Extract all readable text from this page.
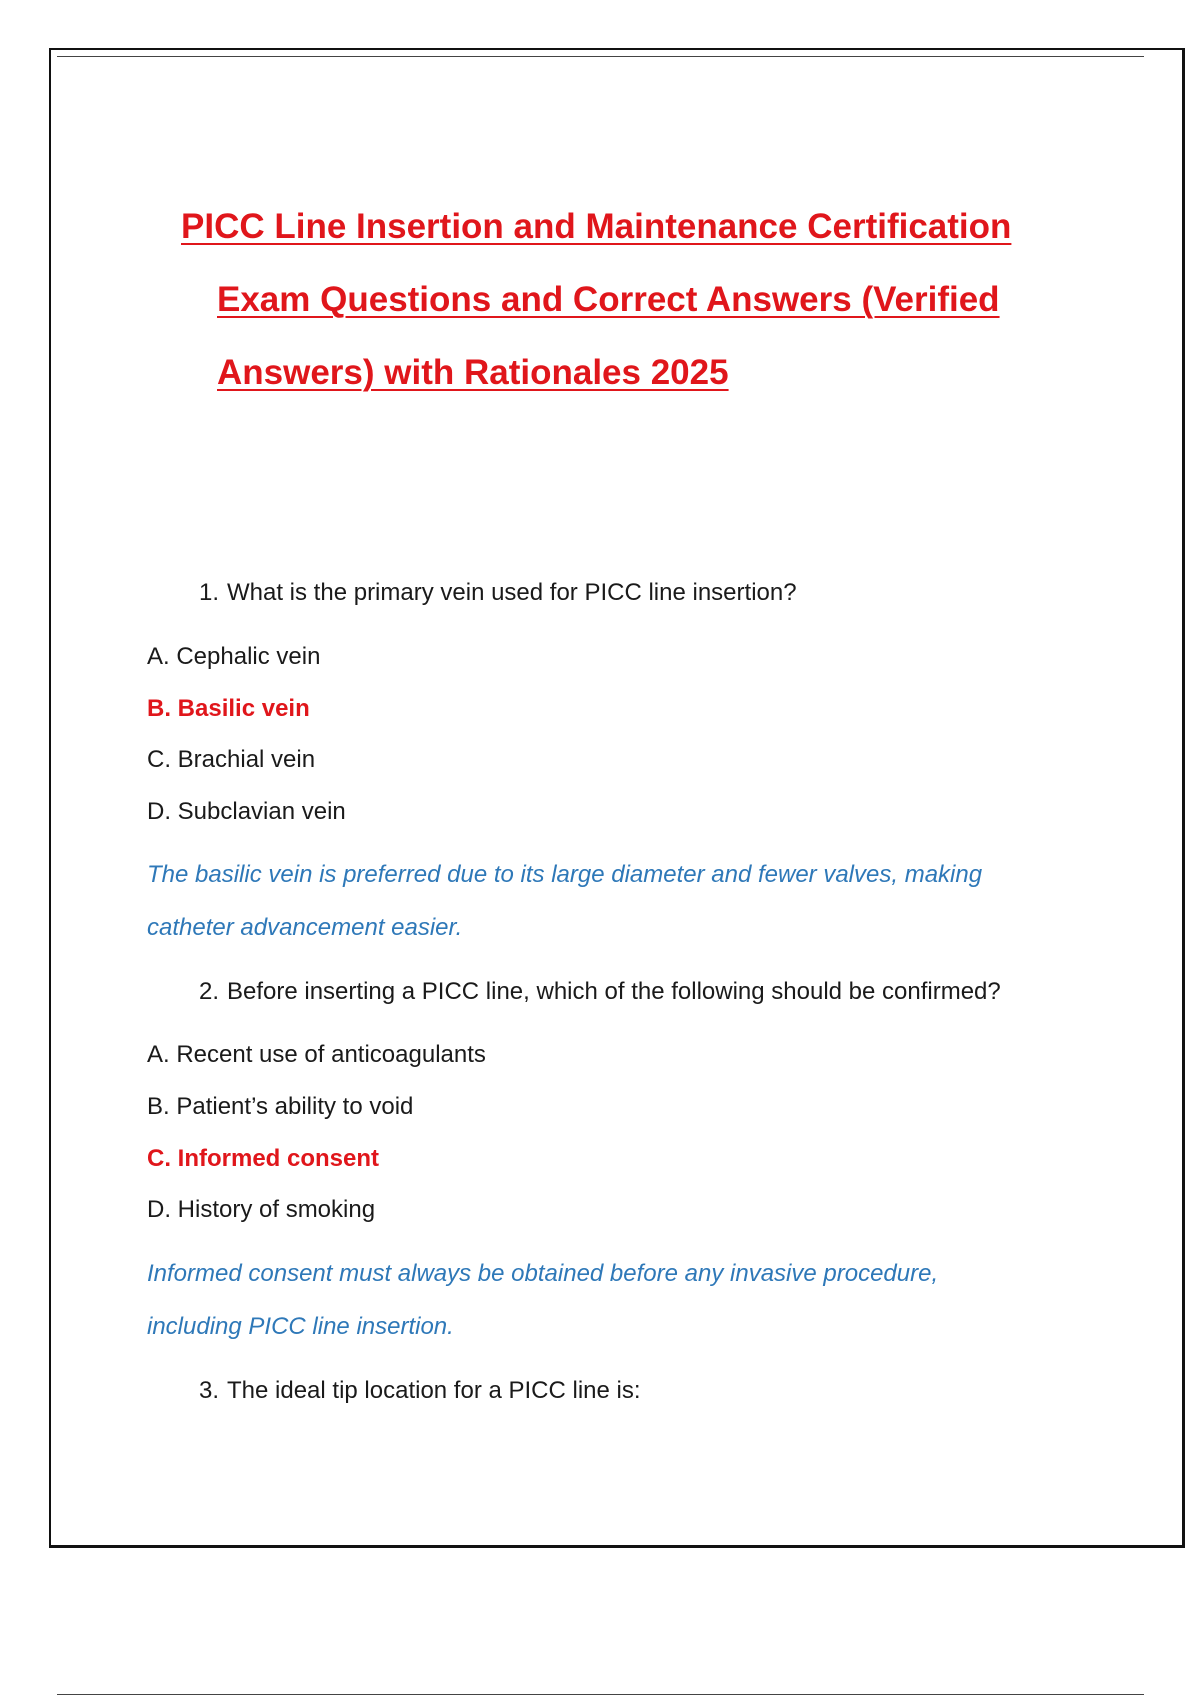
PICC Line Insertion and Maintenance Certification
Exam Questions and Correct Answers (Verified
Answers) with Rationales 2025
1. What is the primary vein used for PICC line insertion?
A. Cephalic vein
B. Basilic vein
C. Brachial vein
D. Subclavian vein

The basilic vein is preferred due to its large diameter and fewer valves, making
catheter advancement easier.

2. Before inserting a PICC line, which of the following should be confirmed?
A. Recent use of anticoagulants
B. Patient’s ability to void
C. Informed consent
D. History of smoking

Informed consent must always be obtained before any invasive procedure,
including PICC line insertion.

3. The ideal tip location for a PICC line is:
